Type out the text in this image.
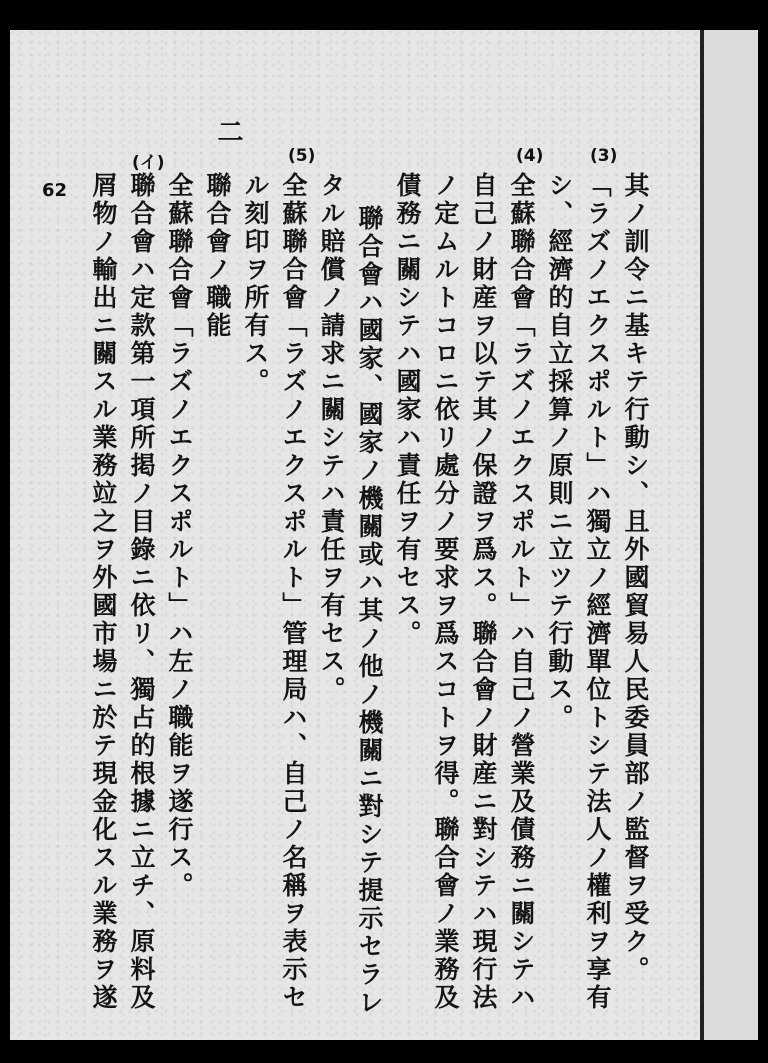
62
二
(3)
(4)
(5)
(イ)
其ノ訓令ニ基キテ行動シ、且外國貿易人民委員部ノ監督ヲ受ク。
「ラズノエクスポルト」ハ獨立ノ經濟單位トシテ法人ノ權利ヲ享有
シ、經濟的自立採算ノ原則ニ立ツテ行動ス。
全蘇聯合會「ラズノエクスポルト」ハ自己ノ營業及債務ニ關シテハ
自己ノ財産ヲ以テ其ノ保證ヲ爲ス。聯合會ノ財産ニ對シテハ現行法
ノ定ムルトコロニ依リ處分ノ要求ヲ爲スコトヲ得。聯合會ノ業務及
債務ニ關シテハ國家ハ責任ヲ有セス。
聯合會ハ國家、國家ノ機關或ハ其ノ他ノ機關ニ對シテ提示セラレ
タル賠償ノ請求ニ關シテハ責任ヲ有セス。
全蘇聯合會「ラズノエクスポルト」管理局ハ、自己ノ名稱ヲ表示セ
ル刻印ヲ所有ス。
聯合會ノ職能
全蘇聯合會「ラズノエクスポルト」ハ左ノ職能ヲ遂行ス。
聯合會ハ定款第一項所掲ノ目錄ニ依リ、獨占的根據ニ立チ、原料及
屑物ノ輸出ニ關スル業務竝之ヲ外國市場ニ於テ現金化スル業務ヲ遂
